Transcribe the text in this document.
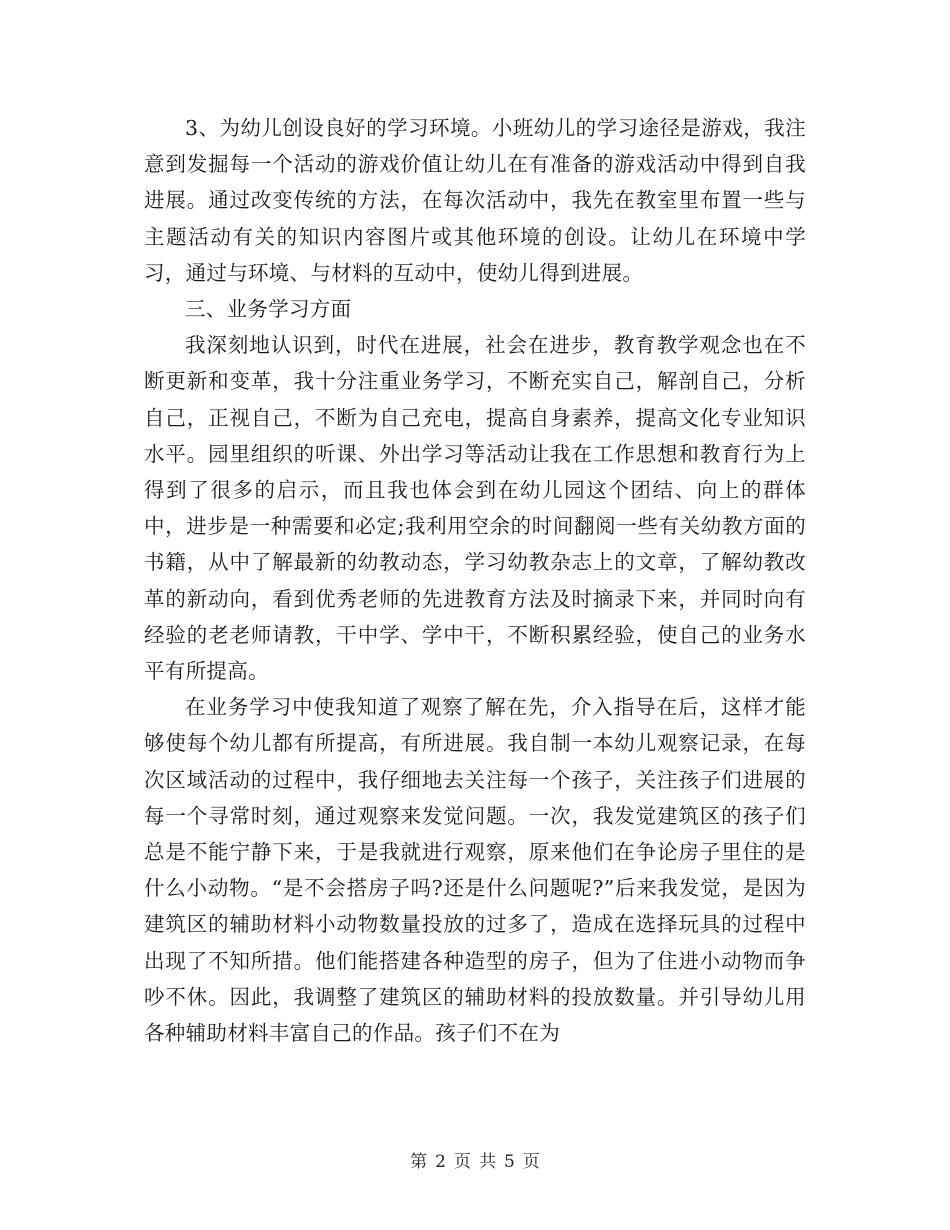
3、为幼儿创设良好的学习环境。小班幼儿的学习途径是游戏，我注意到发掘每一个活动的游戏价值让幼儿在有准备的游戏活动中得到自我进展。通过改变传统的方法，在每次活动中，我先在教室里布置一些与主题活动有关的知识内容图片或其他环境的创设。让幼儿在环境中学习，通过与环境、与材料的互动中，使幼儿得到进展。

三、业务学习方面

我深刻地认识到，时代在进展，社会在进步，教育教学观念也在不断更新和变革，我十分注重业务学习，不断充实自己，解剖自己，分析自己，正视自己，不断为自己充电，提高自身素养，提高文化专业知识水平。园里组织的听课、外出学习等活动让我在工作思想和教育行为上得到了很多的启示，而且我也体会到在幼儿园这个团结、向上的群体中，进步是一种需要和必定;我利用空余的时间翻阅一些有关幼教方面的书籍，从中了解最新的幼教动态，学习幼教杂志上的文章，了解幼教改革的新动向，看到优秀老师的先进教育方法及时摘录下来，并同时向有经验的老老师请教，干中学、学中干，不断积累经验，使自己的业务水平有所提高。

在业务学习中使我知道了观察了解在先，介入指导在后，这样才能够使每个幼儿都有所提高，有所进展。我自制一本幼儿观察记录，在每次区域活动的过程中，我仔细地去关注每一个孩子，关注孩子们进展的每一个寻常时刻，通过观察来发觉问题。一次，我发觉建筑区的孩子们总是不能宁静下来，于是我就进行观察，原来他们在争论房子里住的是什么小动物。“是不会搭房子吗?还是什么问题呢?”后来我发觉，是因为建筑区的辅助材料小动物数量投放的过多了，造成在选择玩具的过程中出现了不知所措。他们能搭建各种造型的房子，但为了住进小动物而争吵不休。因此，我调整了建筑区的辅助材料的投放数量。并引导幼儿用各种辅助材料丰富自己的作品。孩子们不在为

第 2 页 共 5 页
